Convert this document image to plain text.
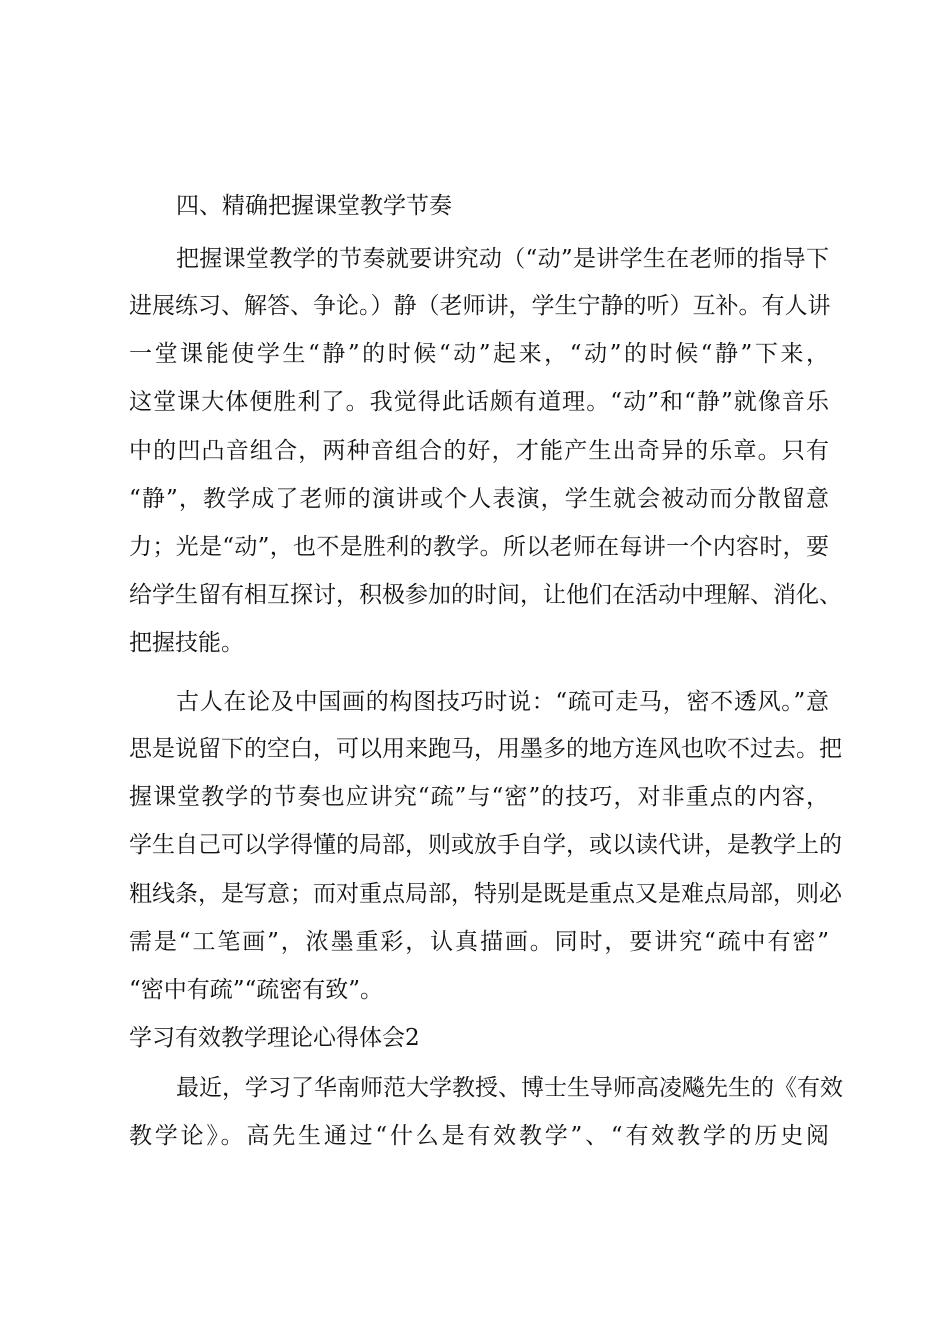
四、精确把握课堂教学节奏
把握课堂教学的节奏就要讲究动（“动”是讲学生在老师的指导下
进展练习、解答、争论。）静（老师讲，学生宁静的听）互补。有人讲
一堂课能使学生“静”的时候“动”起来，“动”的时候“静”下来，
这堂课大体便胜利了。我觉得此话颇有道理。“动”和“静”就像音乐
中的凹凸音组合，两种音组合的好，才能产生出奇异的乐章。只有
“静”，教学成了老师的演讲或个人表演，学生就会被动而分散留意
力；光是“动”，也不是胜利的教学。所以老师在每讲一个内容时，要
给学生留有相互探讨，积极参加的时间，让他们在活动中理解、消化、
把握技能。
古人在论及中国画的构图技巧时说：“疏可走马，密不透风。”意
思是说留下的空白，可以用来跑马，用墨多的地方连风也吹不过去。把
握课堂教学的节奏也应讲究“疏”与“密”的技巧，对非重点的内容，
学生自己可以学得懂的局部，则或放手自学，或以读代讲，是教学上的
粗线条，是写意；而对重点局部，特别是既是重点又是难点局部，则必
需是“工笔画”，浓墨重彩，认真描画。同时，要讲究“疏中有密”
“密中有疏”“疏密有致”。
学习有效教学理论心得体会2
最近，学习了华南师范大学教授、博士生导师高凌飚先生的《有效
教学论》。高先生通过“什么是有效教学”、“有效教学的历史阅
